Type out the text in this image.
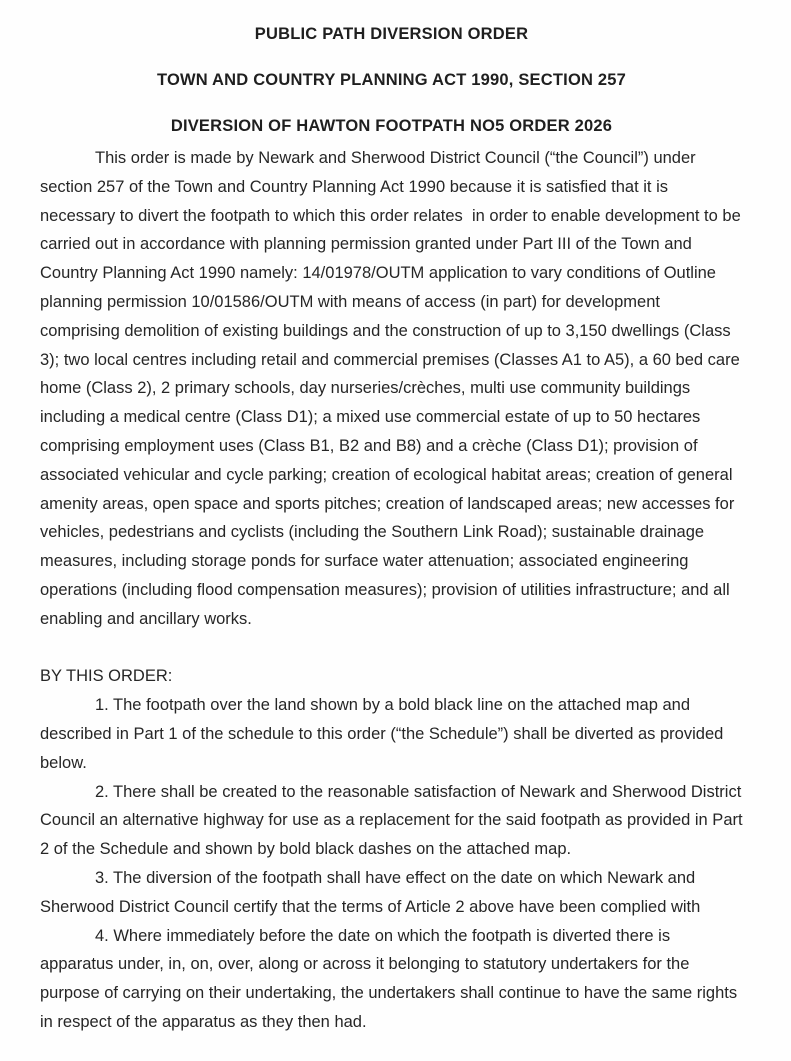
PUBLIC PATH DIVERSION ORDER
TOWN AND COUNTRY PLANNING ACT 1990, SECTION 257
DIVERSION OF HAWTON FOOTPATH NO5 ORDER 2026

This order is made by Newark and Sherwood District Council (“the Council”) under section 257 of the Town and Country Planning Act 1990 because it is satisfied that it is necessary to divert the footpath to which this order relates  in order to enable development to be carried out in accordance with planning permission granted under Part III of the Town and Country Planning Act 1990 namely: 14/01978/OUTM application to vary conditions of Outline planning permission 10/01586/OUTM with means of access (in part) for development comprising demolition of existing buildings and the construction of up to 3,150 dwellings (Class 3); two local centres including retail and commercial premises (Classes A1 to A5), a 60 bed care home (Class 2), 2 primary schools, day nurseries/crèches, multi use community buildings including a medical centre (Class D1); a mixed use commercial estate of up to 50 hectares comprising employment uses (Class B1, B2 and B8) and a crèche (Class D1); provision of associated vehicular and cycle parking; creation of ecological habitat areas; creation of general amenity areas, open space and sports pitches; creation of landscaped areas; new accesses for vehicles, pedestrians and cyclists (including the Southern Link Road); sustainable drainage measures, including storage ponds for surface water attenuation; associated engineering operations (including flood compensation measures); provision of utilities infrastructure; and all enabling and ancillary works.

BY THIS ORDER:

1. The footpath over the land shown by a bold black line on the attached map and described in Part 1 of the schedule to this order (“the Schedule”) shall be diverted as provided below.

2. There shall be created to the reasonable satisfaction of Newark and Sherwood District Council an alternative highway for use as a replacement for the said footpath as provided in Part 2 of the Schedule and shown by bold black dashes on the attached map.

3. The diversion of the footpath shall have effect on the date on which Newark and Sherwood District Council certify that the terms of Article 2 above have been complied with

4. Where immediately before the date on which the footpath is diverted there is apparatus under, in, on, over, along or across it belonging to statutory undertakers for the purpose of carrying on their undertaking, the undertakers shall continue to have the same rights in respect of the apparatus as they then had.
